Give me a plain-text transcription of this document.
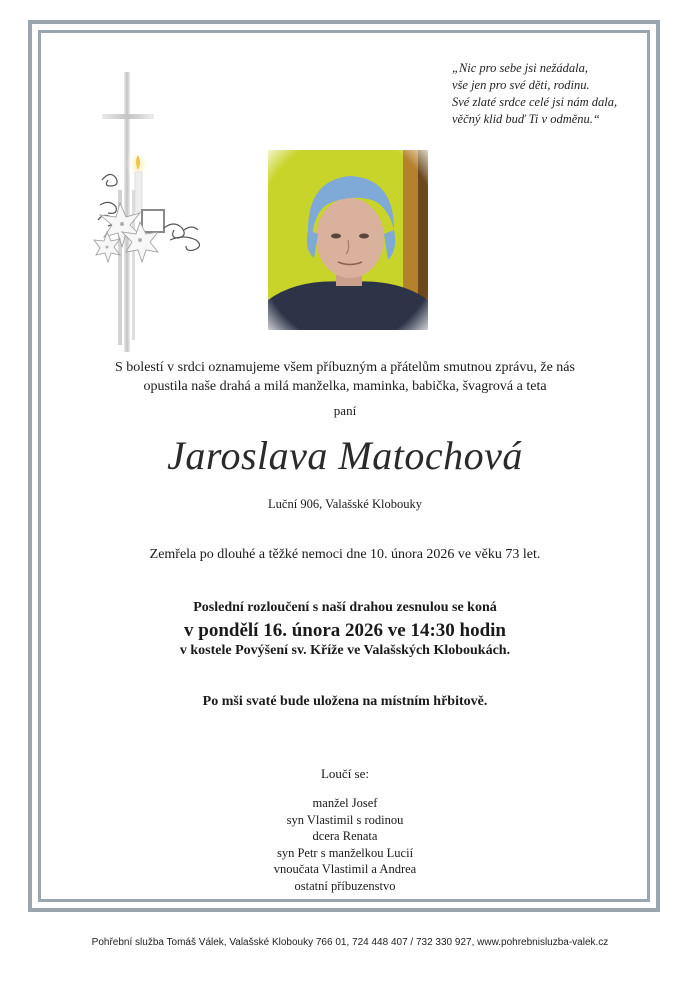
„Nic pro sebe jsi nežádala,
vše jen pro své děti, rodinu.
Své zlaté srdce celé jsi nám dala,
věčný klid buď Ti v odměnu.“
S bolestí v srdci oznamujeme všem příbuzným a přátelům smutnou zprávu, že nás
opustila naše drahá a milá manželka, maminka, babička, švagrová a teta
paní
Jaroslava Matochová
Luční 906, Valašské Klobouky
Zemřela po dlouhé a těžké nemoci dne 10. února 2026 ve věku 73 let.
Poslední rozloučení s naší drahou zesnulou se koná
v pondělí 16. února 2026 ve 14:30 hodin
v kostele Povýšení sv. Kříže ve Valašských Kloboukách.
Po mši svaté bude uložena na místním hřbitově.
Loučí se:
manžel Josef
syn Vlastimil s rodinou
dcera Renata
syn Petr s manželkou Lucií
vnoučata Vlastimil a Andrea
ostatní příbuzenstvo
Pohřební služba Tomáš Válek, Valašské Klobouky 766 01, 724 448 407 / 732 330 927, www.pohrebnisluzba-valek.cz
